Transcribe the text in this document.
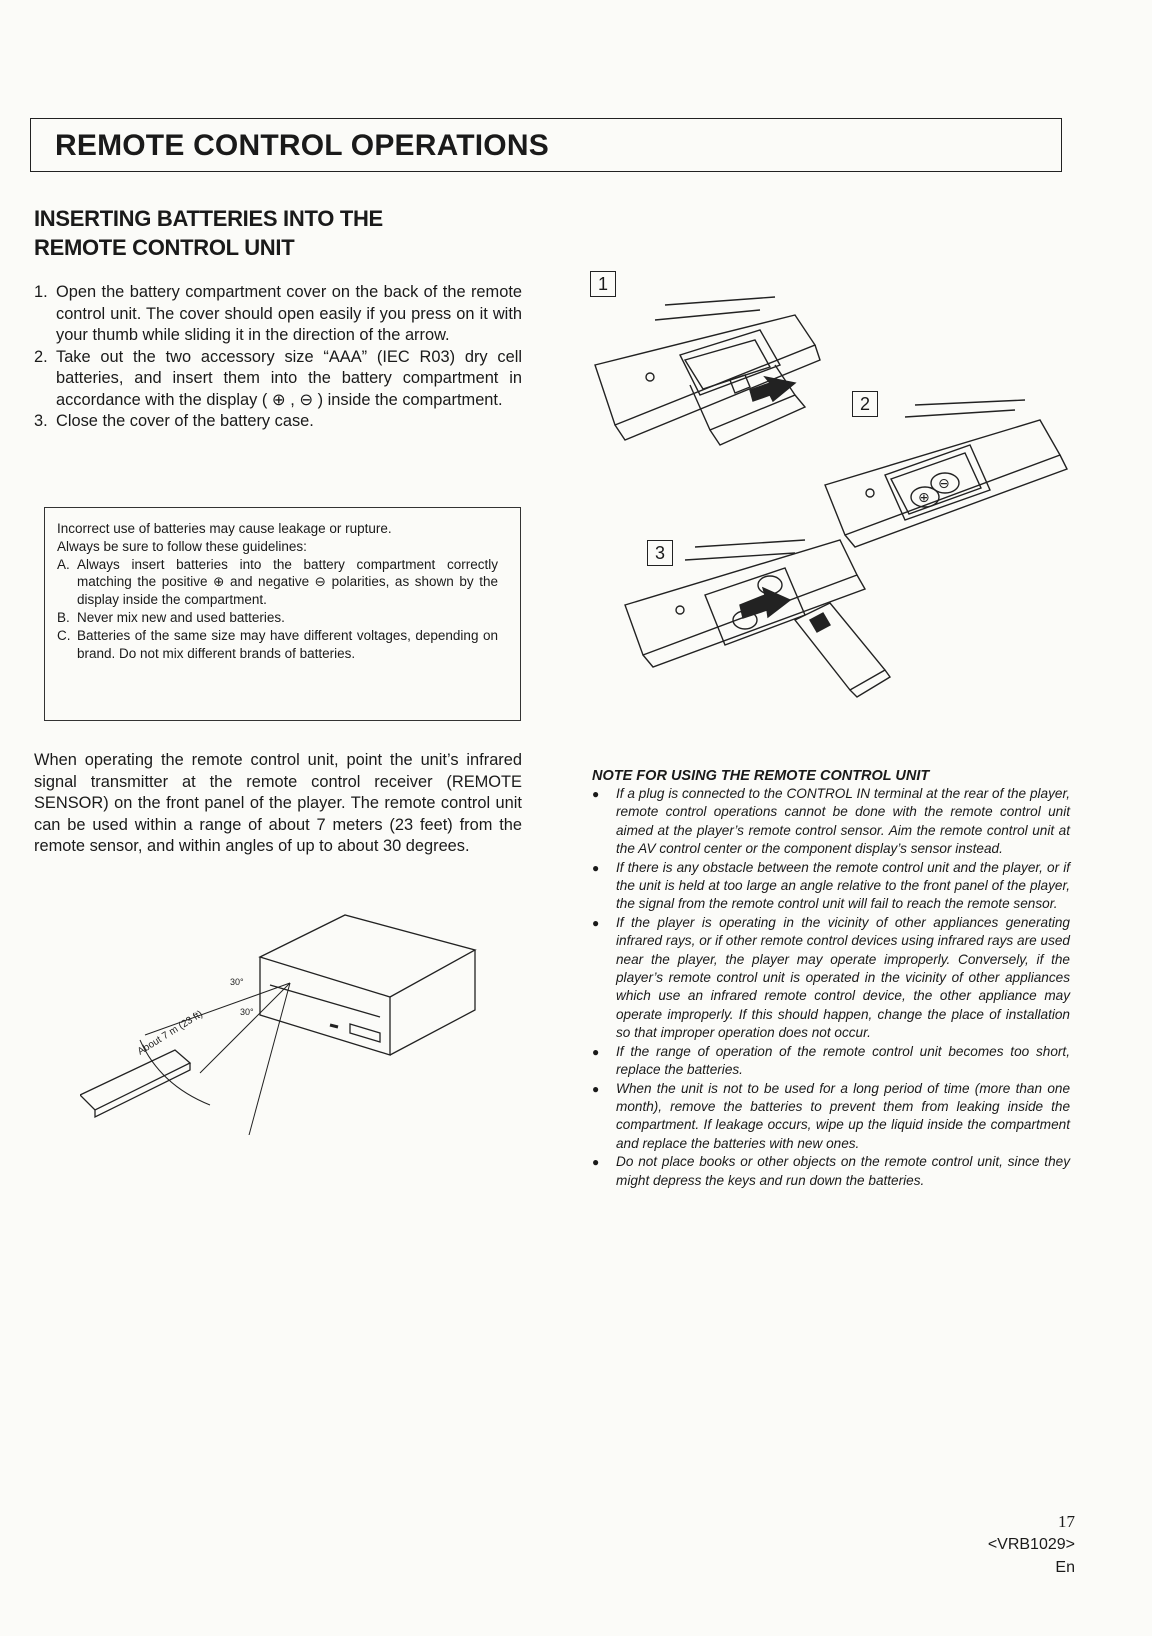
REMOTE CONTROL OPERATIONS
INSERTING BATTERIES INTO THE
REMOTE CONTROL UNIT
1. Open the battery compartment cover on the back of the remote control unit. The cover should open easily if you press on it with your thumb while sliding it in the direction of the arrow.
2. Take out the two accessory size “AAA” (IEC R03) dry cell batteries, and insert them into the battery compartment in accordance with the display ( ⊕ , ⊖ ) inside the compartment.
3. Close the cover of the battery case.
Incorrect use of batteries may cause leakage or rupture.
Always be sure to follow these guidelines:
A. Always insert batteries into the battery compartment correctly matching the positive ⊕ and negative ⊖ polarities, as shown by the display inside the compartment.
B. Never mix new and used batteries.
C. Batteries of the same size may have different voltages, depending on brand. Do not mix different brands of batteries.
When operating the remote control unit, point the unit’s infrared signal transmitter at the remote control receiver (REMOTE SENSOR) on the front panel of the player. The remote control unit can be used within a range of about 7 meters (23 feet) from the remote sensor, and within angles of up to about 30 degrees.
1
2
3
⊕
⊖
About 7 m (23 ft)
30°
30°
NOTE FOR USING THE REMOTE CONTROL UNIT
●	If a plug is connected to the CONTROL IN terminal at the rear of the player, remote control operations cannot be done with the remote control unit aimed at the player’s remote control sensor. Aim the remote control unit at the AV control center or the component display’s sensor instead.
●	If there is any obstacle between the remote control unit and the player, or if the unit is held at too large an angle relative to the front panel of the player, the signal from the remote control unit will fail to reach the remote sensor.
●	If the player is operating in the vicinity of other appliances generating infrared rays, or if other remote control devices using infrared rays are used near the player, the player may operate improperly. Conversely, if the player’s remote control unit is operated in the vicinity of other appliances which use an infrared remote control device, the other appliance may operate improperly. If this should happen, change the place of installation so that improper operation does not occur.
●	If the range of operation of the remote control unit becomes too short, replace the batteries.
●	When the unit is not to be used for a long period of time (more than one month), remove the batteries to prevent them from leaking inside the compartment. If leakage occurs, wipe up the liquid inside the compartment and replace the batteries with new ones.
●	Do not place books or other objects on the remote control unit, since they might depress the keys and run down the batteries.
17
<VRB1029>
En
